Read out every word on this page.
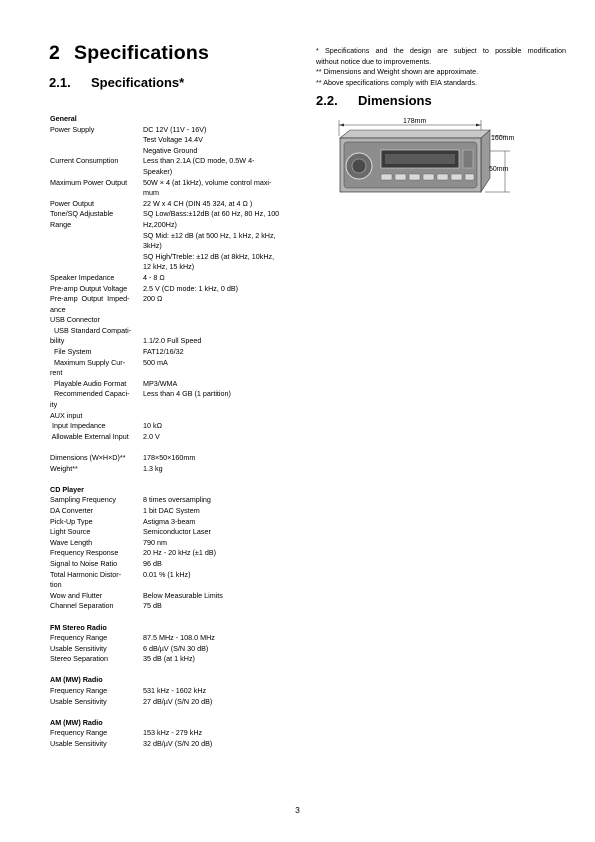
2 Specifications
2.1. Specifications*
2.2. Dimensions
* Specifications and the design are subject to possible modification
without notice due to improvements.
** Dimensions and Weight shown are approximate.
** Above specifications comply with EIA standards.
General
Power Supply	DC 12V (11V - 16V)
Test Voltage 14.4V
Negative Ground
Current Consumption	Less than 2.1A (CD mode, 0.5W 4-
Speaker)
Maximum Power Output	50W × 4 (at 1kHz), volume control maxi-
mum
Power Output	22 W x 4 CH (DIN 45 324, at 4 Ω )
Tone/SQ Adjustable	SQ Low/Bass:±12dB (at 60 Hz, 80 Hz, 100
Range	Hz,200Hz)
SQ Mid: ±12 dB (at 500 Hz, 1 kHz, 2 kHz,
3kHz)
SQ High/Treble: ±12 dB (at 8kHz, 10kHz,
12 kHz, 15 kHz)
Speaker Impedance	4 - 8 Ω
Pre-amp Output Voltage	2.5 V (CD mode: 1 kHz, 0 dB)
Pre-amp  Output  Imped-	200 Ω
ance
USB Connector
USB Standard Compati-
bility	1.1/2.0 Full Speed
File System	FAT12/16/32
Maximum Supply Cur-	500 mA
rent
Playable Audio Format	MP3/WMA
Recommended Capaci-	Less than 4 GB (1 partition)
ity
AUX input
Input Impedance	10 kΩ
Allowable External Input	2.0 V
Dimensions (W×H×D)**	178×50×160mm
Weight**	1.3 kg
CD Player
Sampling Frequency	8 times oversampling
DA Converter	1 bit DAC System
Pick-Up Type	Astigma 3-beam
Light Source	Semiconductor Laser
Wave Length	790 nm
Frequency Response	20 Hz - 20 kHz (±1 dB)
Signal to Noise Ratio	96 dB
Total Harmonic Distor-	0.01 % (1 kHz)
tion
Wow and Flutter	Below Measurable Limits
Channel Separation	75 dB
FM Stereo Radio
Frequency Range	87.5 MHz - 108.0 MHz
Usable Sensitivity	6 dB/µV (S/N 30 dB)
Stereo Separation	35 dB (at 1 kHz)
AM (MW) Radio
Frequency Range	531 kHz - 1602 kHz
Usable Sensitivity	27 dB/µV (S/N 20 dB)
AM (MW) Radio
Frequency Range	153 kHz - 279 kHz
Usable Sensitivity	32 dB/µV (S/N 20 dB)
178mm
160mm
50mm
3
